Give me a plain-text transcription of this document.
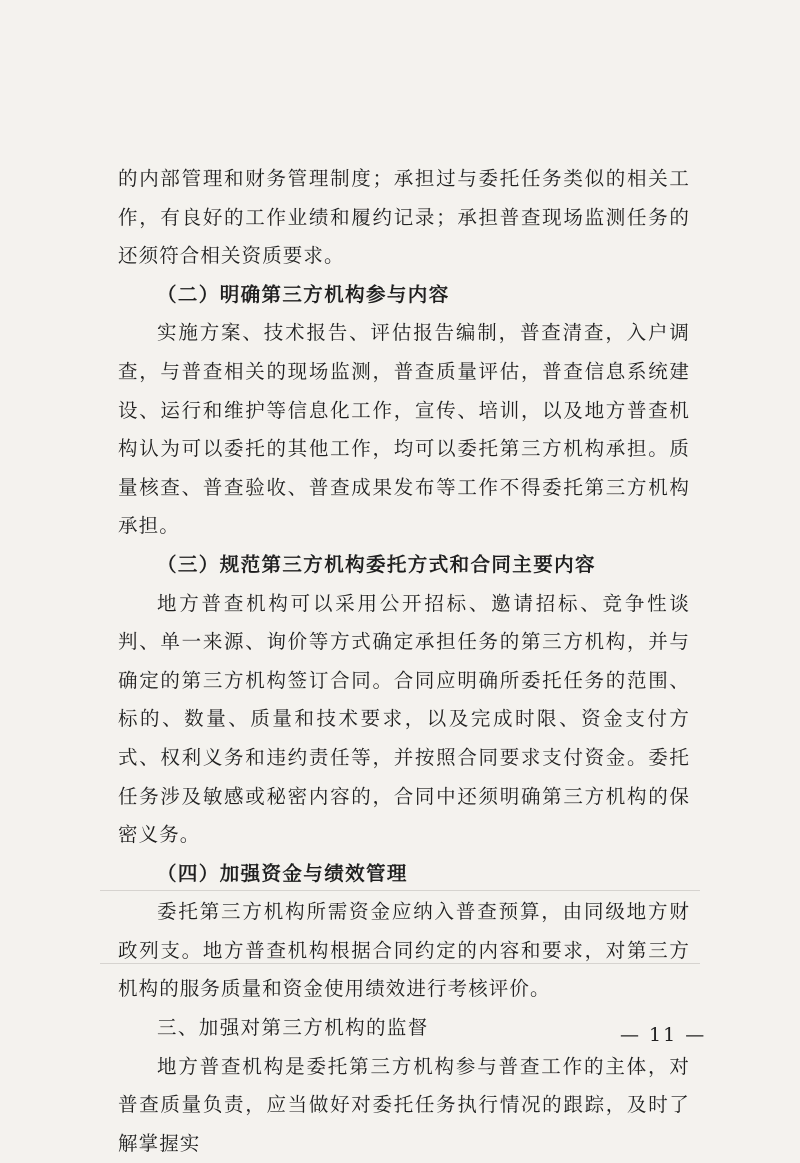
的内部管理和财务管理制度；承担过与委托任务类似的相关工作，有良好的工作业绩和履约记录；承担普查现场监测任务的还须符合相关资质要求。

（二）明确第三方机构参与内容

实施方案、技术报告、评估报告编制，普查清查，入户调查，与普查相关的现场监测，普查质量评估，普查信息系统建设、运行和维护等信息化工作，宣传、培训，以及地方普查机构认为可以委托的其他工作，均可以委托第三方机构承担。质量核查、普查验收、普查成果发布等工作不得委托第三方机构承担。

（三）规范第三方机构委托方式和合同主要内容

地方普查机构可以采用公开招标、邀请招标、竞争性谈判、单一来源、询价等方式确定承担任务的第三方机构，并与确定的第三方机构签订合同。合同应明确所委托任务的范围、标的、数量、质量和技术要求，以及完成时限、资金支付方式、权利义务和违约责任等，并按照合同要求支付资金。委托任务涉及敏感或秘密内容的，合同中还须明确第三方机构的保密义务。

（四）加强资金与绩效管理

委托第三方机构所需资金应纳入普查预算，由同级地方财政列支。地方普查机构根据合同约定的内容和要求，对第三方机构的服务质量和资金使用绩效进行考核评价。

三、加强对第三方机构的监督

地方普查机构是委托第三方机构参与普查工作的主体，对普查质量负责，应当做好对委托任务执行情况的跟踪，及时了解掌握实

— 11 —
